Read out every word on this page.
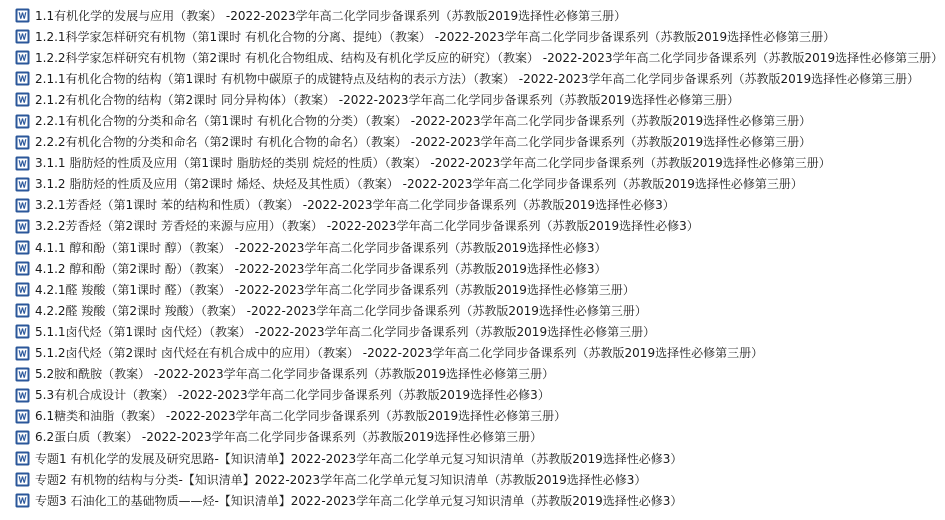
1.1有机化学的发展与应用（教案） -2022-2023学年高二化学同步备课系列（苏教版2019选择性必修第三册）
1.2.1科学家怎样研究有机物（第1课时 有机化合物的分离、提纯）（教案） -2022-2023学年高二化学同步备课系列（苏教版2019选择性必修第三册）
1.2.2科学家怎样研究有机物（第2课时 有机化合物组成、结构及有机化学反应的研究）（教案） -2022-2023学年高二化学同步备课系列（苏教版2019选择性必修第三册）
2.1.1有机化合物的结构（第1课时 有机物中碳原子的成键特点及结构的表示方法）（教案） -2022-2023学年高二化学同步备课系列（苏教版2019选择性必修第三册）
2.1.2有机化合物的结构（第2课时 同分异构体）（教案） -2022-2023学年高二化学同步备课系列（苏教版2019选择性必修第三册）
2.2.1有机化合物的分类和命名（第1课时 有机化合物的分类）（教案） -2022-2023学年高二化学同步备课系列（苏教版2019选择性必修第三册）
2.2.2有机化合物的分类和命名（第2课时 有机化合物的命名）（教案） -2022-2023学年高二化学同步备课系列（苏教版2019选择性必修第三册）
3.1.1 脂肪烃的性质及应用（第1课时 脂肪烃的类别 烷烃的性质）（教案） -2022-2023学年高二化学同步备课系列（苏教版2019选择性必修第三册）
3.1.2 脂肪烃的性质及应用（第2课时 烯烃、炔烃及其性质）（教案） -2022-2023学年高二化学同步备课系列（苏教版2019选择性必修第三册）
3.2.1芳香烃（第1课时 苯的结构和性质）（教案） -2022-2023学年高二化学同步备课系列（苏教版2019选择性必修3）
3.2.2芳香烃（第2课时 芳香烃的来源与应用）（教案） -2022-2023学年高二化学同步备课系列（苏教版2019选择性必修3）
4.1.1 醇和酚（第1课时 醇）（教案） -2022-2023学年高二化学同步备课系列（苏教版2019选择性必修3）
4.1.2 醇和酚（第2课时 酚）（教案） -2022-2023学年高二化学同步备课系列（苏教版2019选择性必修3）
4.2.1醛 羧酸（第1课时 醛）（教案） -2022-2023学年高二化学同步备课系列（苏教版2019选择性必修第三册）
4.2.2醛 羧酸（第2课时 羧酸）（教案） -2022-2023学年高二化学同步备课系列（苏教版2019选择性必修第三册）
5.1.1卤代烃（第1课时 卤代烃）（教案） -2022-2023学年高二化学同步备课系列（苏教版2019选择性必修第三册）
5.1.2卤代烃（第2课时 卤代烃在有机合成中的应用）（教案） -2022-2023学年高二化学同步备课系列（苏教版2019选择性必修第三册）
5.2胺和酰胺（教案） -2022-2023学年高二化学同步备课系列（苏教版2019选择性必修第三册）
5.3有机合成设计（教案） -2022-2023学年高二化学同步备课系列（苏教版2019选择性必修3）
6.1糖类和油脂（教案） -2022-2023学年高二化学同步备课系列（苏教版2019选择性必修第三册）
6.2蛋白质（教案） -2022-2023学年高二化学同步备课系列（苏教版2019选择性必修第三册）
专题1 有机化学的发展及研究思路-【知识清单】2022-2023学年高二化学单元复习知识清单（苏教版2019选择性必修3）
专题2 有机物的结构与分类-【知识清单】2022-2023学年高二化学单元复习知识清单（苏教版2019选择性必修3）
专题3 石油化工的基础物质——烃-【知识清单】2022-2023学年高二化学单元复习知识清单（苏教版2019选择性必修3）
